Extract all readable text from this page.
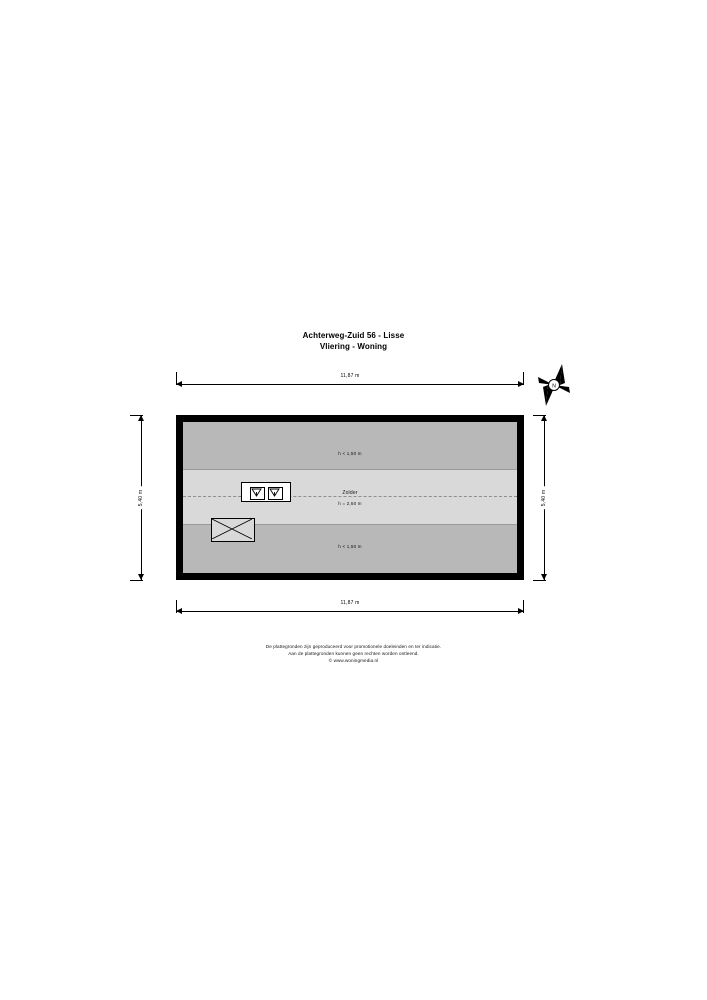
Achterweg-Zuid 56 - Lisse
Vliering - Woning
N
h < 1,50 m
Zolder
h = 2,60 m
h < 1,50 m
11,87 m
11,87 m
5,40 m	5,40 m
De plattegronden zijn geproduceerd voor promotionele doeleinden en ter indicatie.
Aan de plattegronden kunnen geen rechten worden ontleend.
© www.woningmedia.nl
